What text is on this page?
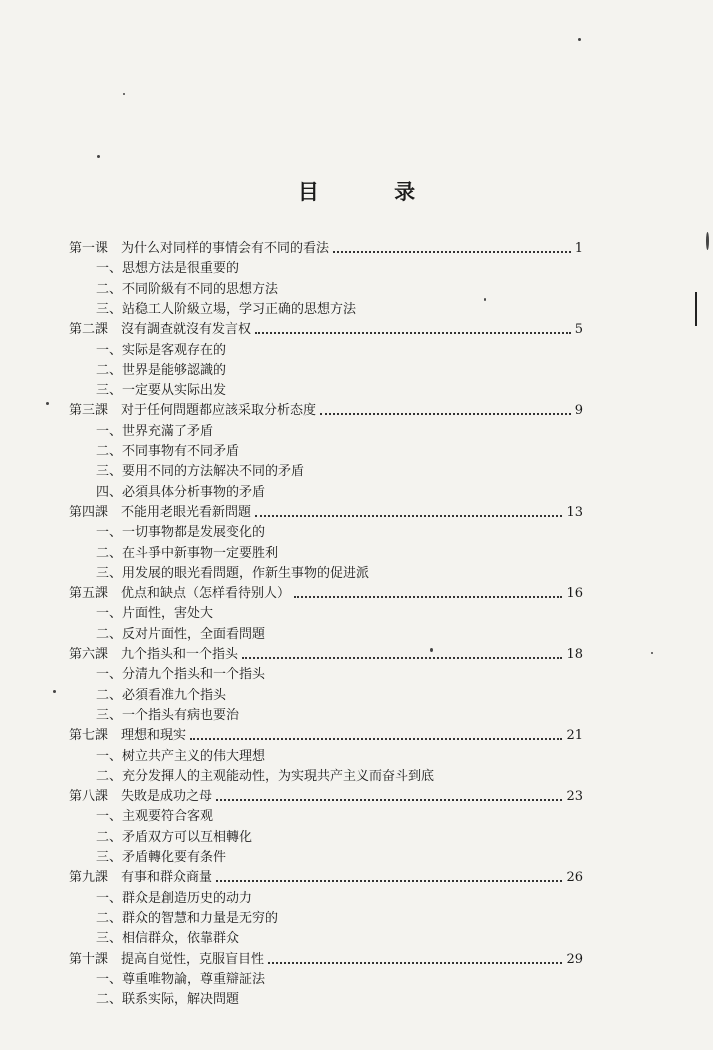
目 录
第一课 为什么对同样的事情会有不同的看法	1
一、思想方法是很重要的
二、不同阶級有不同的思想方法
三、站稳工人阶級立場，学习正确的思想方法
第二課 沒有調查就沒有发言权	5
一、实际是客观存在的
二、世界是能够認識的
三、一定要从实际出发
第三課 对于任何問題都应該采取分析态度	9
一、世界充滿了矛盾
二、不同事物有不同矛盾
三、要用不同的方法解决不同的矛盾
四、必須具体分析事物的矛盾
第四課 不能用老眼光看新問題	13
一、一切事物都是发展变化的
二、在斗爭中新事物一定要胜利
三、用发展的眼光看問題，作新生事物的促进派
第五課 优点和缺点（怎样看待别人）	16
一、片面性，害处大
二、反对片面性，全面看問題
第六課 九个指头和一个指头	18
一、分清九个指头和一个指头
二、必須看准九个指头
三、一个指头有病也要治
第七課 理想和現实	21
一、树立共产主义的伟大理想
二、充分发揮人的主观能动性，为实現共产主义而奋斗到底
第八課 失敗是成功之母	23
一、主观要符合客观
二、矛盾双方可以互相轉化
三、矛盾轉化要有条件
第九課 有事和群众商量	26
一、群众是創造历史的动力
二、群众的智慧和力量是无穷的
三、相信群众，依靠群众
第十課 提高自觉性，克服盲目性	29
一、尊重唯物論，尊重辯証法
二、联系实际，解决問題
